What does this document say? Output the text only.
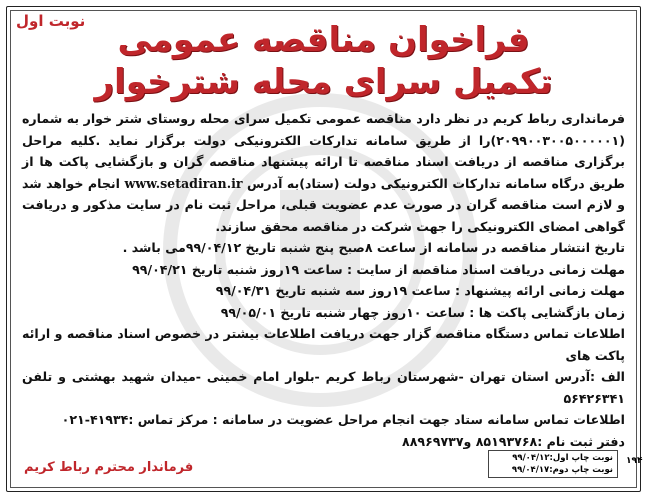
نوبت اول فراخوان مناقصه عمومی
تکمیل سرای محله شترخوار

فرمانداری رباط کریم در نظر دارد مناقصه عمومی تکمیل سرای محله روستای شتر خوار به شماره (۲۰۹۹۰۰۳۰۰۵۰۰۰۰۰۱)را از طریق سامانه تدارکات الکترونیکی دولت برگزار نماید .کلیه مراحل برگزاری مناقصه از دریافت اسناد مناقصه تا ارائه پیشنهاد مناقصه گران و بازگشایی پاکت ها از طریق درگاه سامانه تدارکات الکترونیکی دولت (ستاد)به آدرس www.setadiran.ir انجام خواهد شد و لازم است مناقصه گران در صورت عدم عضویت قبلی، مراحل ثبت نام در سایت مذکور و دریافت گواهی امضای الکترونیکی را جهت شرکت در مناقصه محقق سازند.

تاریخ انتشار مناقصه در سامانه از ساعت ۸صبح پنج شنبه تاریخ ۹۹/۰۴/۱۲می باشد .

مهلت زمانی دریافت اسناد مناقصه از سایت : ساعت ۱۹روز شنبه تاریخ ۹۹/۰۴/۲۱

مهلت زمانی ارائه پیشنهاد : ساعت ۱۹روز سه شنبه تاریخ ۹۹/۰۴/۳۱

زمان بازگشایی پاکت ها : ساعت ۱۰روز چهار شنبه تاریخ ۹۹/۰۵/۰۱

اطلاعات تماس دستگاه مناقصه گزار جهت دریافت اطلاعات بیشتر در خصوص اسناد مناقصه و ارائه پاکت های

الف :آدرس استان تهران -شهرستان رباط کریم -بلوار امام خمینی -میدان شهید بهشتی و تلفن ۵۶۴۲۶۳۴۱

اطلاعات تماس سامانه ستاد جهت انجام مراحل عضویت در سامانه : مرکز تماس :۴۱۹۳۴-۰۲۱

دفتر ثبت نام :۸۵۱۹۳۷۶۸ و۸۸۹۶۹۷۳۷

فرماندار محترم رباط کریم
نوبت چاپ اول:۹۹/۰۴/۱۲
نوبت چاپ دوم:۹۹/۰۴/۱۷
۱۹۴
